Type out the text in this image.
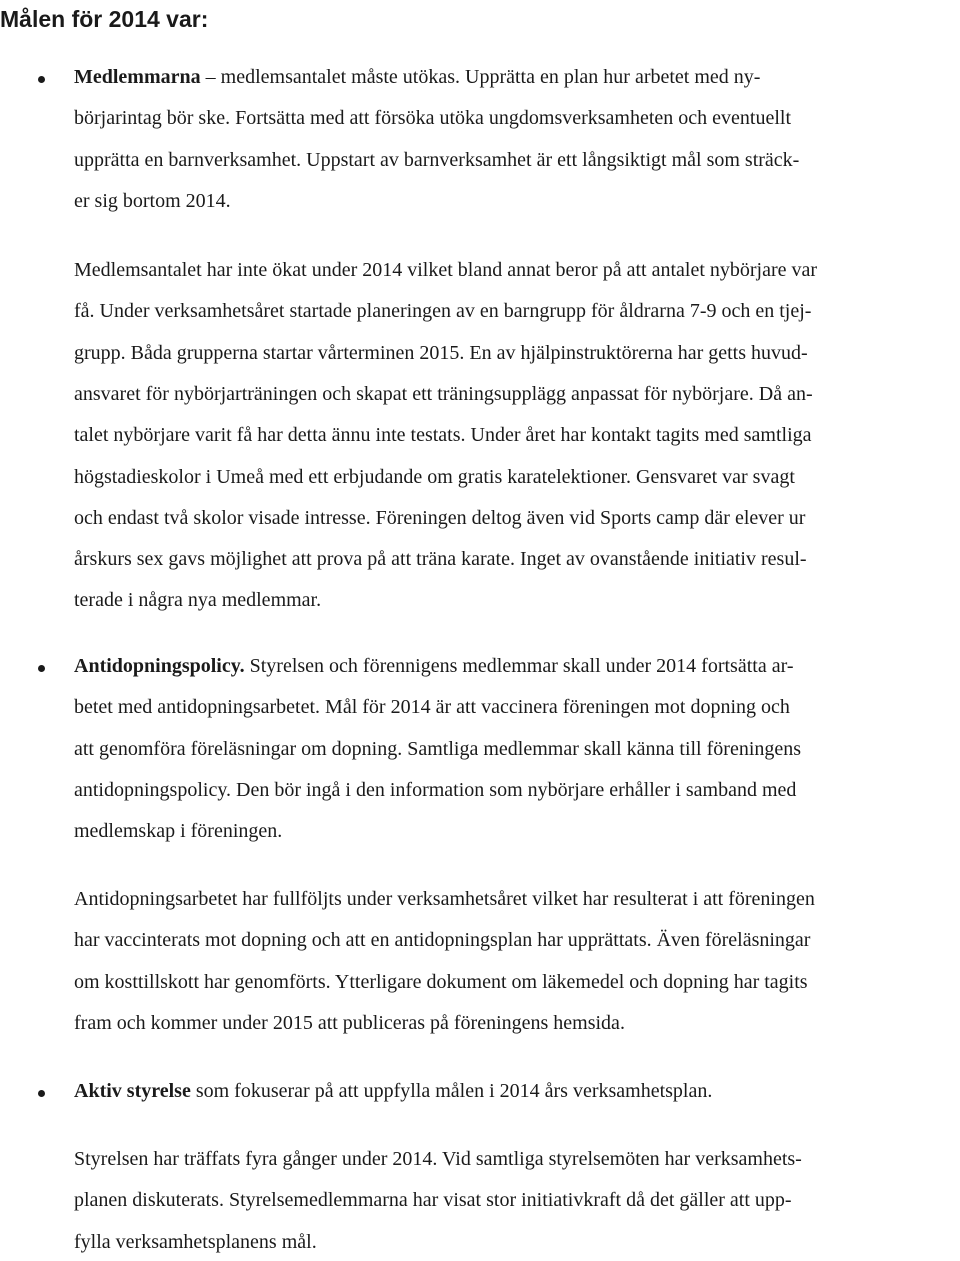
Målen för 2014 var:

Medlemmarna – medlemsantalet måste utökas. Upprätta en plan hur arbetet med ny-

börjarintag bör ske. Fortsätta med att försöka utöka ungdomsverksamheten och eventuellt

upprätta en barnverksamhet. Uppstart av barnverksamhet är ett långsiktigt mål som sträck-

er sig bortom 2014.

Medlemsantalet har inte ökat under 2014 vilket bland annat beror på att antalet nybörjare var

få. Under verksamhetsåret startade planeringen av en barngrupp för åldrarna 7-9 och en tjej-

grupp. Båda grupperna startar vårterminen 2015. En av hjälpinstruktörerna har getts huvud-

ansvaret för nybörjarträningen och skapat ett träningsupplägg anpassat för nybörjare. Då an-

talet nybörjare varit få har detta ännu inte testats. Under året har kontakt tagits med samtliga

högstadieskolor i Umeå med ett erbjudande om gratis karatelektioner. Gensvaret var svagt

och endast två skolor visade intresse. Föreningen deltog även vid Sports camp där elever ur

årskurs sex gavs möjlighet att prova på att träna karate. Inget av ovanstående initiativ resul-

terade i några nya medlemmar.

Antidopningspolicy. Styrelsen och förennigens medlemmar skall under 2014 fortsätta ar-

betet med antidopningsarbetet. Mål för 2014 är att vaccinera föreningen mot dopning och

att genomföra föreläsningar om dopning. Samtliga medlemmar skall känna till föreningens

antidopningspolicy. Den bör ingå i den information som nybörjare erhåller i samband med

medlemskap i föreningen.

Antidopningsarbetet har fullföljts under verksamhetsåret vilket har resulterat i att föreningen

har vaccinterats mot dopning och att en antidopningsplan har upprättats. Även föreläsningar

om kosttillskott har genomförts. Ytterligare dokument om läkemedel och dopning har tagits

fram och kommer under 2015 att publiceras på föreningens hemsida.

Aktiv styrelse som fokuserar på att uppfylla målen i 2014 års verksamhetsplan.

Styrelsen har träffats fyra gånger under 2014. Vid samtliga styrelsemöten har verksamhets-

planen diskuterats. Styrelsemedlemmarna har visat stor initiativkraft då det gäller att upp-

fylla verksamhetsplanens mål.
